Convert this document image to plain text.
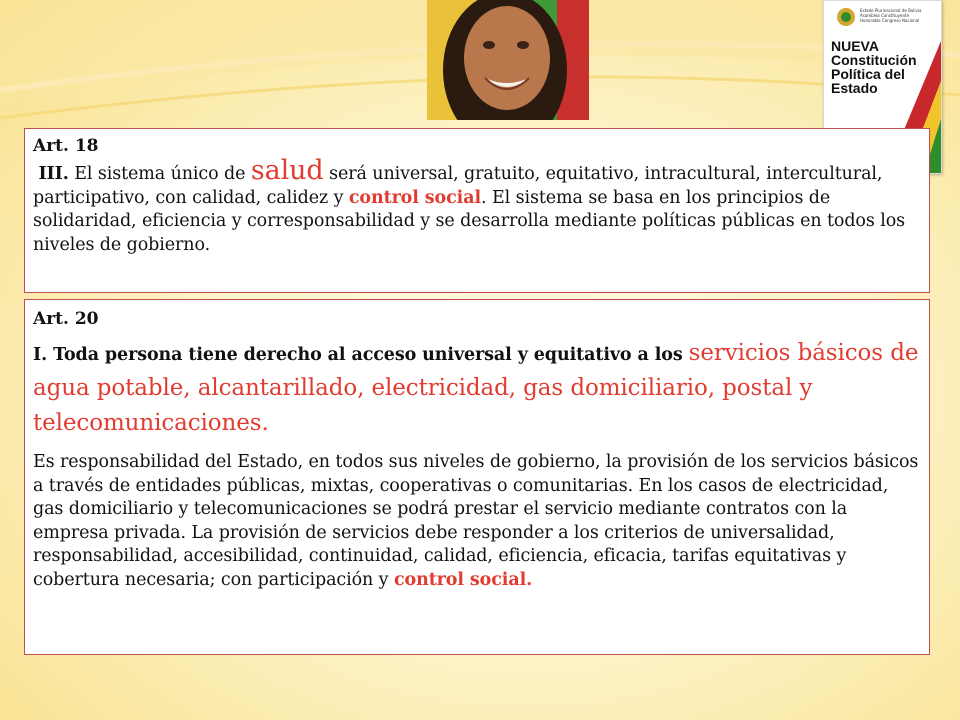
Estado Plurinacional de Bolivia Asamblea Constituyente Honorable Congreso Nacional
NUEVA
Constitución
Política del
Estado

Art. 18

III. El sistema único de salud será universal, gratuito, equitativo, intracultural, intercultural, participativo, con calidad, calidez y control social. El sistema se basa en los principios de solidaridad, eficiencia y corresponsabilidad y se desarrolla mediante políticas públicas en todos los niveles de gobierno.

Art. 20

I. Toda persona tiene derecho al acceso universal y equitativo a los servicios básicos de agua potable, alcantarillado, electricidad, gas domiciliario, postal y telecomunicaciones.

Es responsabilidad del Estado, en todos sus niveles de gobierno, la provisión de los servicios básicos a través de entidades públicas, mixtas, cooperativas o comunitarias. En los casos de electricidad, gas domiciliario y telecomunicaciones se podrá prestar el servicio mediante contratos con la empresa privada. La provisión de servicios debe responder a los criterios de universalidad, responsabilidad, accesibilidad, continuidad, calidad, eficiencia, eficacia, tarifas equitativas y cobertura necesaria; con participación y control social.
